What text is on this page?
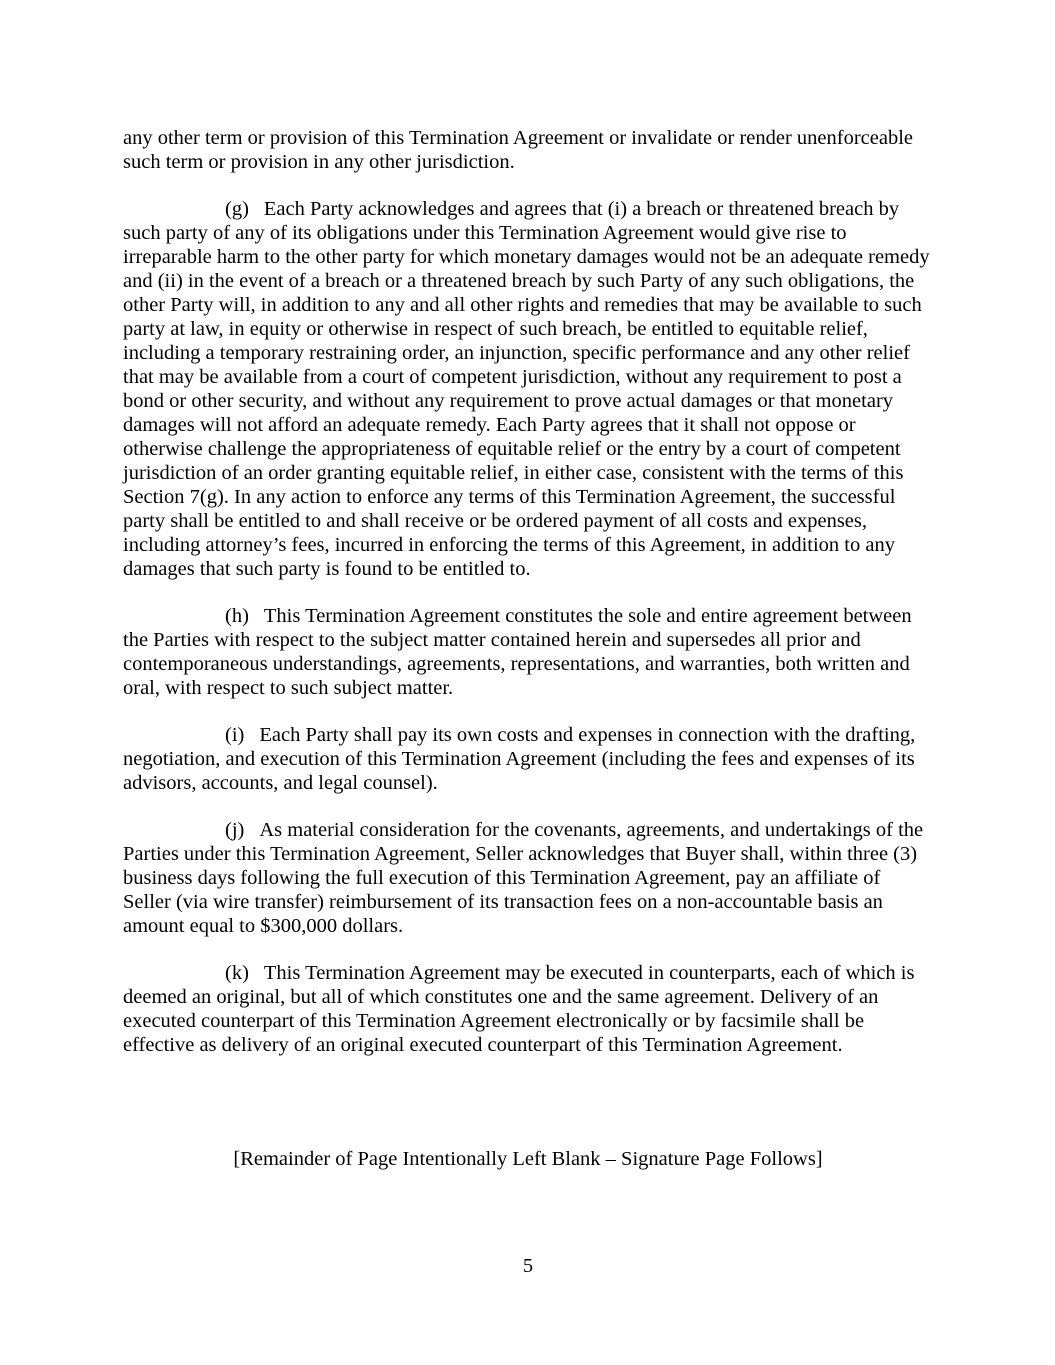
any other term or provision of this Termination Agreement or invalidate or render unenforceable such term or provision in any other jurisdiction.

(g) Each Party acknowledges and agrees that (i) a breach or threatened breach by such party of any of its obligations under this Termination Agreement would give rise to irreparable harm to the other party for which monetary damages would not be an adequate remedy and (ii) in the event of a breach or a threatened breach by such Party of any such obligations, the other Party will, in addition to any and all other rights and remedies that may be available to such party at law, in equity or otherwise in respect of such breach, be entitled to equitable relief, including a temporary restraining order, an injunction, specific performance and any other relief that may be available from a court of competent jurisdiction, without any requirement to post a bond or other security, and without any requirement to prove actual damages or that monetary damages will not afford an adequate remedy. Each Party agrees that it shall not oppose or otherwise challenge the appropriateness of equitable relief or the entry by a court of competent jurisdiction of an order granting equitable relief, in either case, consistent with the terms of this Section 7(g). In any action to enforce any terms of this Termination Agreement, the successful party shall be entitled to and shall receive or be ordered payment of all costs and expenses, including attorney’s fees, incurred in enforcing the terms of this Agreement, in addition to any damages that such party is found to be entitled to.

(h) This Termination Agreement constitutes the sole and entire agreement between the Parties with respect to the subject matter contained herein and supersedes all prior and contemporaneous understandings, agreements, representations, and warranties, both written and oral, with respect to such subject matter.

(i) Each Party shall pay its own costs and expenses in connection with the drafting, negotiation, and execution of this Termination Agreement (including the fees and expenses of its advisors, accounts, and legal counsel).

(j) As material consideration for the covenants, agreements, and undertakings of the Parties under this Termination Agreement, Seller acknowledges that Buyer shall, within three (3) business days following the full execution of this Termination Agreement, pay an affiliate of Seller (via wire transfer) reimbursement of its transaction fees on a non-accountable basis an amount equal to $300,000 dollars.

(k) This Termination Agreement may be executed in counterparts, each of which is deemed an original, but all of which constitutes one and the same agreement. Delivery of an executed counterpart of this Termination Agreement electronically or by facsimile shall be effective as delivery of an original executed counterpart of this Termination Agreement.

[Remainder of Page Intentionally Left Blank – Signature Page Follows]

5
